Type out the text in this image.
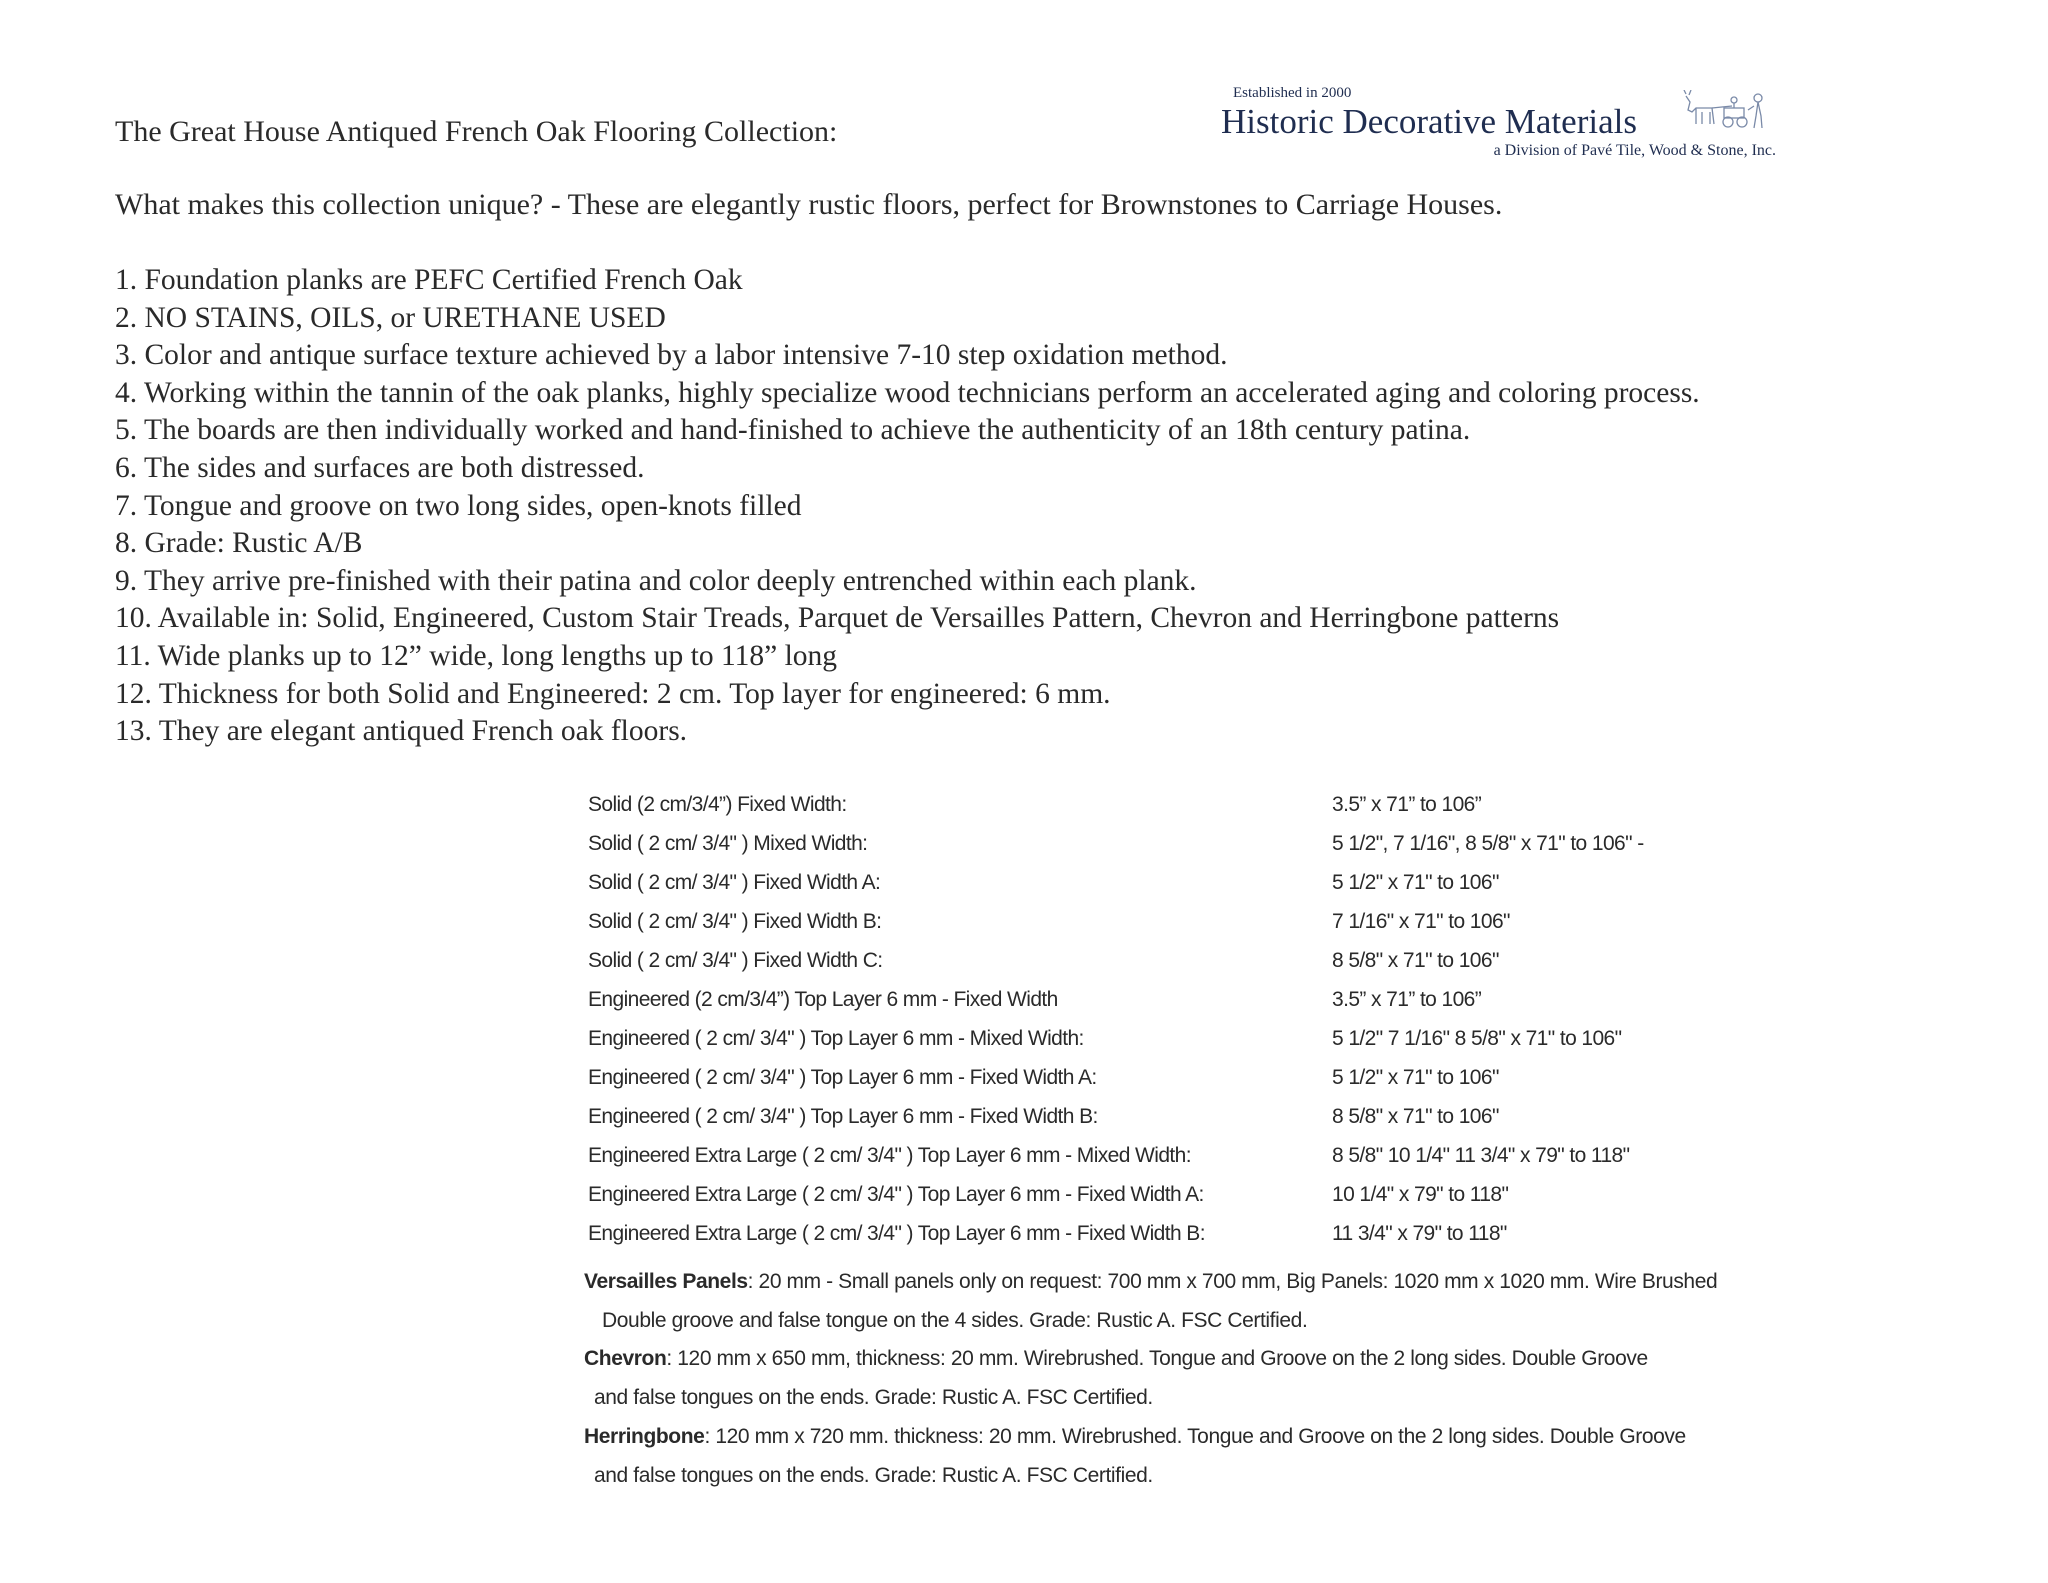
Established in 2000
Historic Decorative Materials
a Division of Pavé Tile, Wood & Stone, Inc.
The Great House Antiqued French Oak Flooring Collection:
What makes this collection unique? - These are elegantly rustic floors, perfect for Brownstones to Carriage Houses.
1. Foundation planks are PEFC Certified French Oak
2. NO STAINS, OILS, or URETHANE USED
3. Color and antique surface texture achieved by a labor intensive 7-10 step oxidation method.
4. Working within the tannin of the oak planks, highly specialize wood technicians perform an accelerated aging and coloring process.
5. The boards are then individually worked and hand-finished to achieve the authenticity of an 18th century patina.
6. The sides and surfaces are both distressed.
7. Tongue and groove on two long sides, open-knots filled
8. Grade: Rustic A/B
9. They arrive pre-finished with their patina and color deeply entrenched within each plank.
10. Available in: Solid, Engineered, Custom Stair Treads, Parquet de Versailles Pattern, Chevron and Herringbone patterns
11. Wide planks up to 12” wide, long lengths up to 118” long
12. Thickness for both Solid and Engineered: 2 cm. Top layer for engineered: 6 mm.
13. They are elegant antiqued French oak floors.
Solid (2 cm/3/4”) Fixed Width:	3.5” x 71” to 106”
Solid ( 2 cm/ 3/4" ) Mixed Width:	5 1/2", 7 1/16", 8 5/8" x 71" to 106" -
Solid ( 2 cm/ 3/4" ) Fixed Width A:	5 1/2" x 71" to 106"
Solid ( 2 cm/ 3/4" ) Fixed Width B:	7 1/16" x 71" to 106"
Solid ( 2 cm/ 3/4" ) Fixed Width C:	8 5/8" x 71" to 106"
Engineered (2 cm/3/4”) Top Layer 6 mm - Fixed Width	3.5” x 71” to 106”
Engineered ( 2 cm/ 3/4" ) Top Layer 6 mm - Mixed Width:	5 1/2" 7 1/16" 8 5/8" x 71" to 106"
Engineered ( 2 cm/ 3/4" ) Top Layer 6 mm - Fixed Width A:	5 1/2" x 71" to 106"
Engineered ( 2 cm/ 3/4" ) Top Layer 6 mm - Fixed Width B:	8 5/8" x 71" to 106"
Engineered Extra Large ( 2 cm/ 3/4" ) Top Layer 6 mm - Mixed Width:	8 5/8" 10 1/4" 11 3/4" x 79" to 118"
Engineered Extra Large ( 2 cm/ 3/4" ) Top Layer 6 mm - Fixed Width A:	10 1/4" x 79" to 118"
Engineered Extra Large ( 2 cm/ 3/4" ) Top Layer 6 mm - Fixed Width B:	11 3/4" x 79" to 118"
Versailles Panels: 20 mm - Small panels only on request: 700 mm x 700 mm, Big Panels: 1020 mm x 1020 mm. Wire Brushed
Double groove and false tongue on the 4 sides. Grade: Rustic A. FSC Certified.
Chevron: 120 mm x 650 mm, thickness: 20 mm. Wirebrushed. Tongue and Groove on the 2 long sides. Double Groove
and false tongues on the ends. Grade: Rustic A. FSC Certified.
Herringbone: 120 mm x 720 mm. thickness: 20 mm. Wirebrushed. Tongue and Groove on the 2 long sides. Double Groove
and false tongues on the ends. Grade: Rustic A. FSC Certified.
